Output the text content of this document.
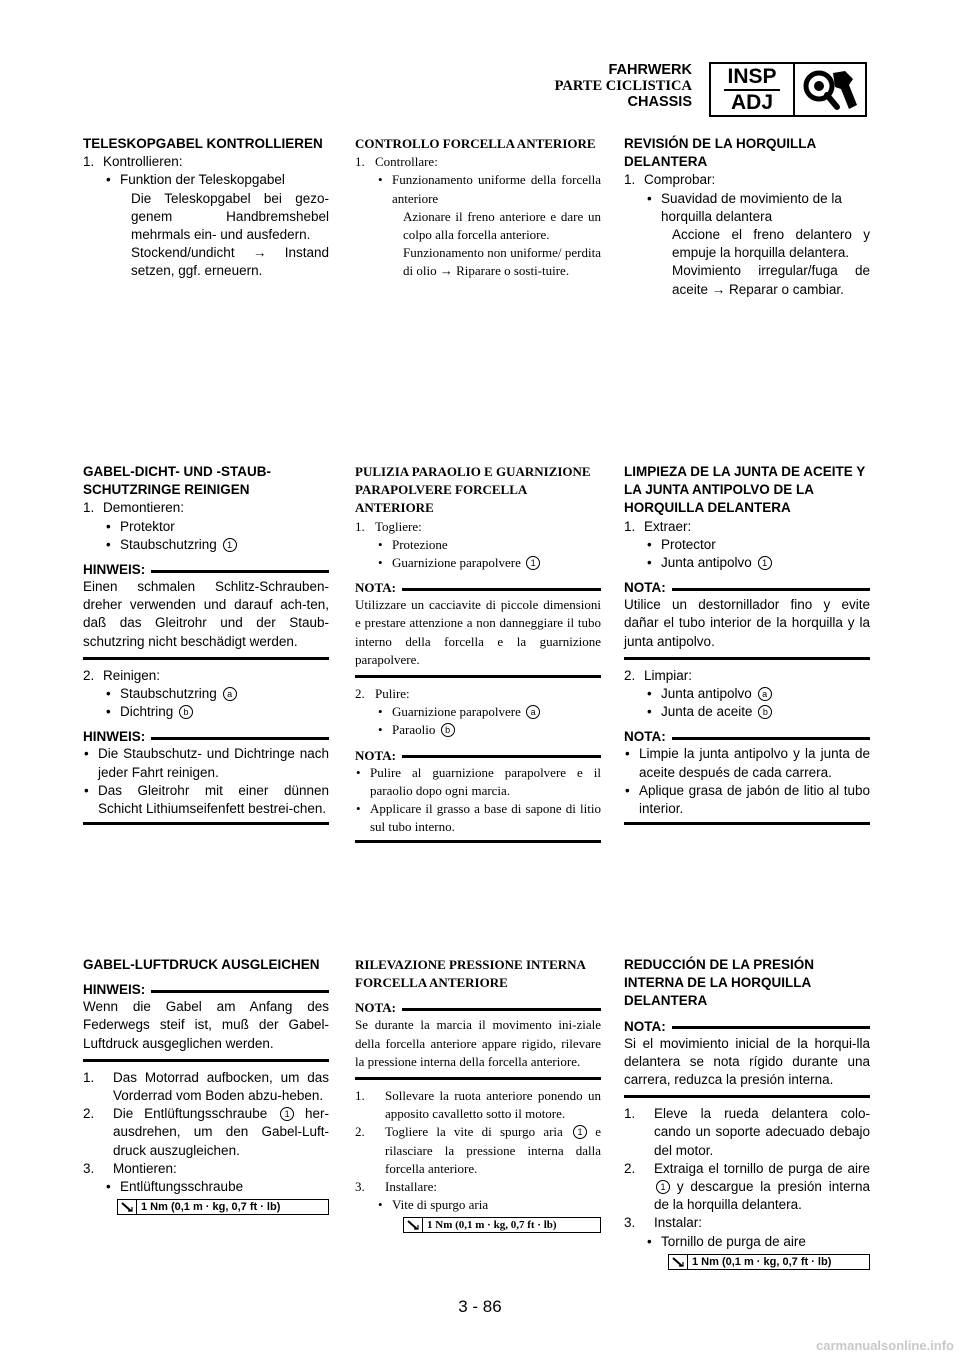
FAHRWERK
PARTE CICLISTICA
CHASSIS
INSP
ADJ
TELESKOPGABEL KONTROLLIEREN
1. Kontrollieren:
• Funktion der Teleskopgabel
Die Teleskopgabel bei gezo-genem Handbremshebel mehrmals ein- und ausfedern.
Stockend/undicht → Instand setzen, ggf. erneuern.
CONTROLLO FORCELLA ANTERIORE
1. Controllare:
• Funzionamento uniforme della forcella anteriore
Azionare il freno anteriore e dare un colpo alla forcella anteriore.
Funzionamento non uniforme/ perdita di olio → Riparare o sosti-tuire.
REVISIÓN DE LA HORQUILLA DELANTERA
1. Comprobar:
• Suavidad de movimiento de la horquilla delantera
Accione el freno delantero y empuje la horquilla delantera.
Movimiento irregular/fuga de aceite → Reparar o cambiar.
GABEL-DICHT- UND -STAUB-SCHUTZRINGE REINIGEN
1. Demontieren:
• Protektor
• Staubschutzring 1
HINWEIS:
Einen schmalen Schlitz-Schrauben-dreher verwenden und darauf ach-ten, daß das Gleitrohr und der Staub-schutzring nicht beschädigt werden.
2. Reinigen:
• Staubschutzring a
• Dichtring b
HINWEIS:
• Die Staubschutz- und Dichtringe nach jeder Fahrt reinigen.
• Das Gleitrohr mit einer dünnen Schicht Lithiumseifenfett bestrei-chen.
PULIZIA PARAOLIO E GUARNIZIONE PARAPOLVERE FORCELLA ANTERIORE
1. Togliere:
• Protezione
• Guarnizione parapolvere 1
NOTA:
Utilizzare un cacciavite di piccole dimensioni e prestare attenzione a non danneggiare il tubo interno della forcella e la guarnizione parapolvere.
2. Pulire:
• Guarnizione parapolvere a
• Paraolio b
NOTA:
• Pulire al guarnizione parapolvere e il paraolio dopo ogni marcia.
• Applicare il grasso a base di sapone di litio sul tubo interno.
LIMPIEZA DE LA JUNTA DE ACEITE Y LA JUNTA ANTIPOLVO DE LA HORQUILLA DELANTERA
1. Extraer:
• Protector
• Junta antipolvo 1
NOTA:
Utilice un destornillador fino y evite dañar el tubo interior de la horquilla y la junta antipolvo.
2. Limpiar:
• Junta antipolvo a
• Junta de aceite b
NOTA:
• Limpie la junta antipolvo y la junta de aceite después de cada carrera.
• Aplique grasa de jabón de litio al tubo interior.
GABEL-LUFTDRUCK AUSGLEICHEN
HINWEIS:
Wenn die Gabel am Anfang des Federwegs steif ist, muß der Gabel-Luftdruck ausgeglichen werden.
1. Das Motorrad aufbocken, um das Vorderrad vom Boden abzu-heben.
2. Die Entlüftungsschraube 1 her-ausdrehen, um den Gabel-Luft-druck auszugleichen.
3. Montieren:
• Entlüftungsschraube
1 Nm (0,1 m · kg, 0,7 ft · lb)
RILEVAZIONE PRESSIONE INTERNA FORCELLA ANTERIORE
NOTA:
Se durante la marcia il movimento ini-ziale della forcella anteriore appare rigido, rilevare la pressione interna della forcella anteriore.
1. Sollevare la ruota anteriore ponendo un apposito cavalletto sotto il motore.
2. Togliere la vite di spurgo aria 1 e rilasciare la pressione interna dalla forcella anteriore.
3. Installare:
• Vite di spurgo aria
1 Nm (0,1 m · kg, 0,7 ft · lb)
REDUCCIÓN DE LA PRESIÓN INTERNA DE LA HORQUILLA DELANTERA
NOTA:
Si el movimiento inicial de la horqui-lla delantera se nota rígido durante una carrera, reduzca la presión interna.
1. Eleve la rueda delantera colo-cando un soporte adecuado debajo del motor.
2. Extraiga el tornillo de purga de aire 1 y descargue la presión interna de la horquilla delantera.
3. Instalar:
• Tornillo de purga de aire
1 Nm (0,1 m · kg, 0,7 ft · lb)
3 - 86
carmanualsonline.info
